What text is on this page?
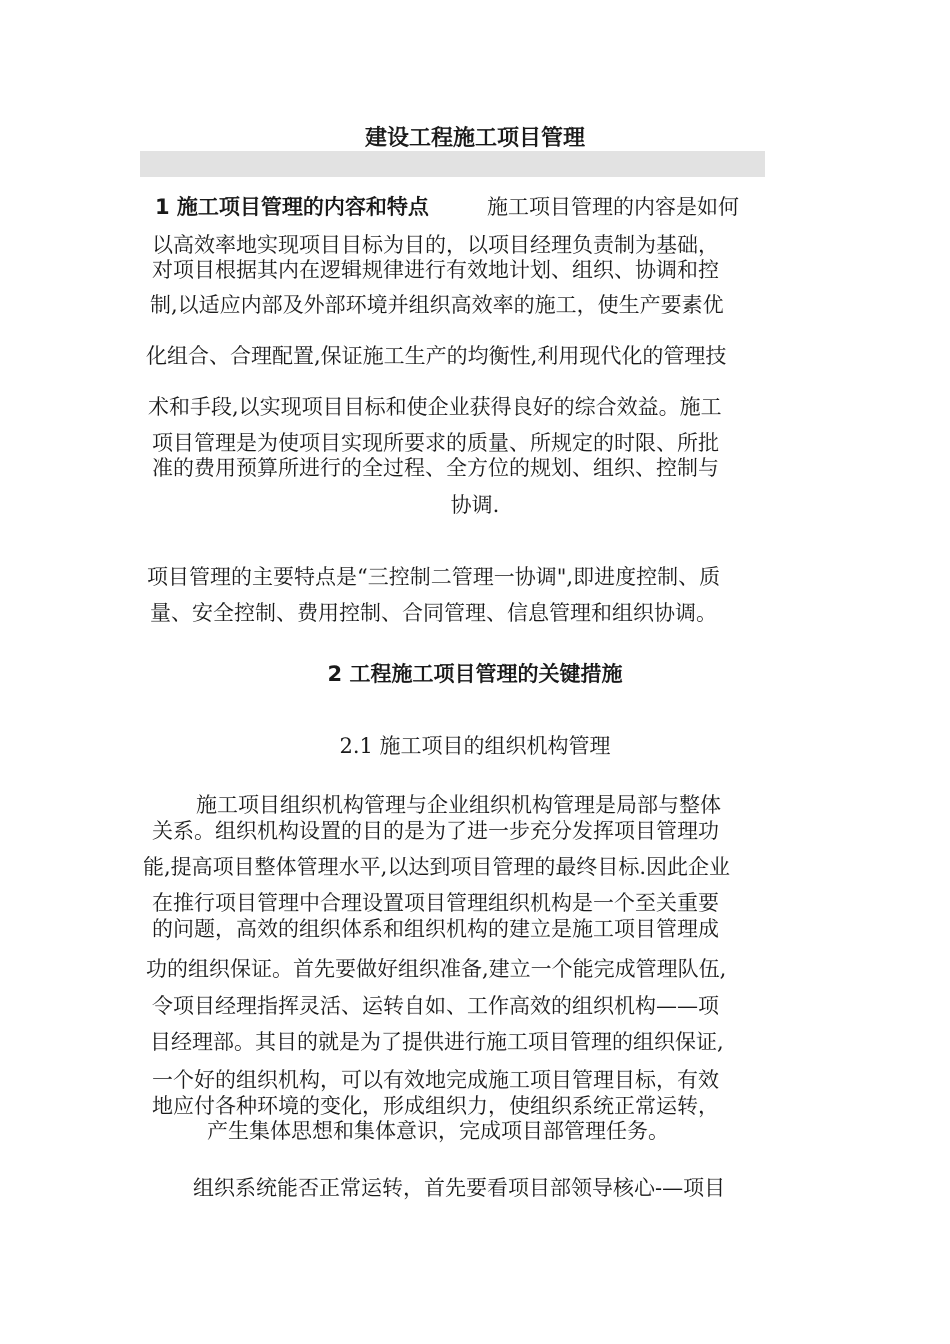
建设工程施工项目管理
1 施工项目管理的内容和特点	施工项目管理的内容是如何
以高效率地实现项目目标为目的，以项目经理负责制为基础，
对项目根据其内在逻辑规律进行有效地计划、组织、协调和控
制,以适应内部及外部环境并组织高效率的施工，使生产要素优
化组合、合理配置,保证施工生产的均衡性,利用现代化的管理技
术和手段,以实现项目目标和使企业获得良好的综合效益。施工
项目管理是为使项目实现所要求的质量、所规定的时限、所批
准的费用预算所进行的全过程、全方位的规划、组织、控制与
协调.
项目管理的主要特点是“三控制二管理一协调",即进度控制、质
量、安全控制、费用控制、合同管理、信息管理和组织协调。
2 工程施工项目管理的关键措施
2.1 施工项目的组织机构管理
施工项目组织机构管理与企业组织机构管理是局部与整体
关系。组织机构设置的目的是为了进一步充分发挥项目管理功
能,提高项目整体管理水平,以达到项目管理的最终目标.因此企业
在推行项目管理中合理设置项目管理组织机构是一个至关重要
的问题，高效的组织体系和组织机构的建立是施工项目管理成
功的组织保证。首先要做好组织准备,建立一个能完成管理队伍,
令项目经理指挥灵活、运转自如、工作高效的组织机构——项
目经理部。其目的就是为了提供进行施工项目管理的组织保证,
一个好的组织机构，可以有效地完成施工项目管理目标，有效
地应付各种环境的变化，形成组织力，使组织系统正常运转，
产生集体思想和集体意识，完成项目部管理任务。
组织系统能否正常运转，首先要看项目部领导核心-—项目
